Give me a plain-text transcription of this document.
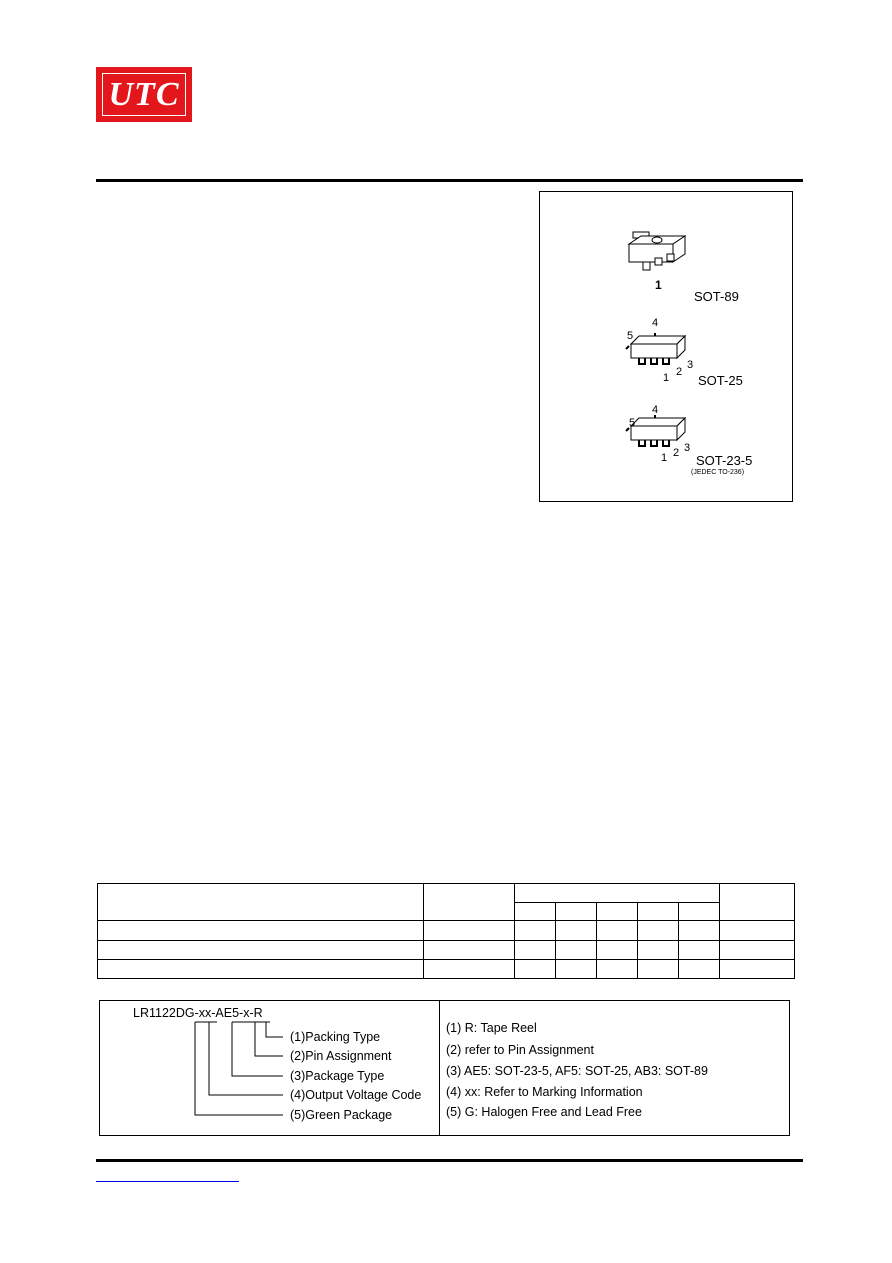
UTC
1
SOT-89
5
4
1 2
3
SOT-25
5
4
1 2 3
SOT-23-5
(JEDEC TO-236)

LR1122DG-xx-AE5-x-R
(1)Packing Type
(2)Pin Assignment
(3)Package Type
(4)Output Voltage Code
(5)Green Package
(1) R: Tape Reel
(2) refer to Pin Assignment
(3) AE5: SOT-23-5, AF5: SOT-25, AB3: SOT-89
(4) xx: Refer to Marking Information
(5) G: Halogen Free and Lead Free
